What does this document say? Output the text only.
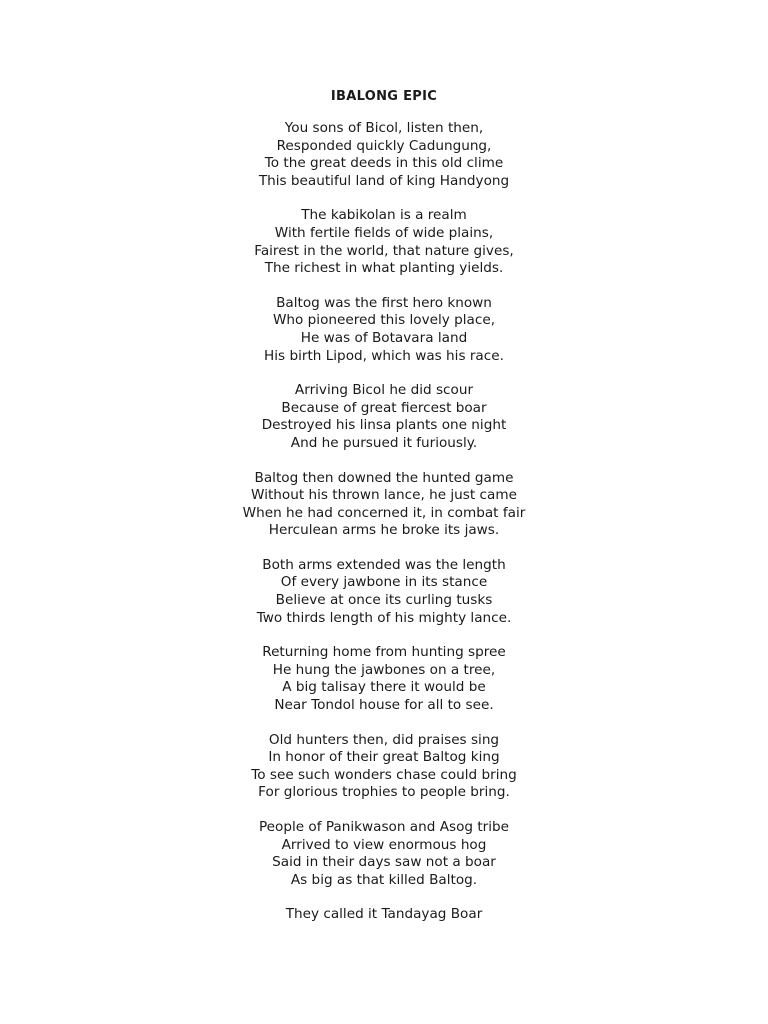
IBALONG EPIC
You sons of Bicol, listen then,
Responded quickly Cadungung,
To the great deeds in this old clime
This beautiful land of king Handyong
The kabikolan is a realm
With fertile fields of wide plains,
Fairest in the world, that nature gives,
The richest in what planting yields.
Baltog was the first hero known
Who pioneered this lovely place,
He was of Botavara land
His birth Lipod, which was his race.
Arriving Bicol he did scour
Because of great fiercest boar
Destroyed his linsa plants one night
And he pursued it furiously.
Baltog then downed the hunted game
Without his thrown lance, he just came
When he had concerned it, in combat fair
Herculean arms he broke its jaws.
Both arms extended was the length
Of every jawbone in its stance
Believe at once its curling tusks
Two thirds length of his mighty lance.
Returning home from hunting spree
He hung the jawbones on a tree,
A big talisay there it would be
Near Tondol house for all to see.
Old hunters then, did praises sing
In honor of their great Baltog king
To see such wonders chase could bring
For glorious trophies to people bring.
People of Panikwason and Asog tribe
Arrived to view enormous hog
Said in their days saw not a boar
As big as that killed Baltog.
They called it Tandayag Boar
